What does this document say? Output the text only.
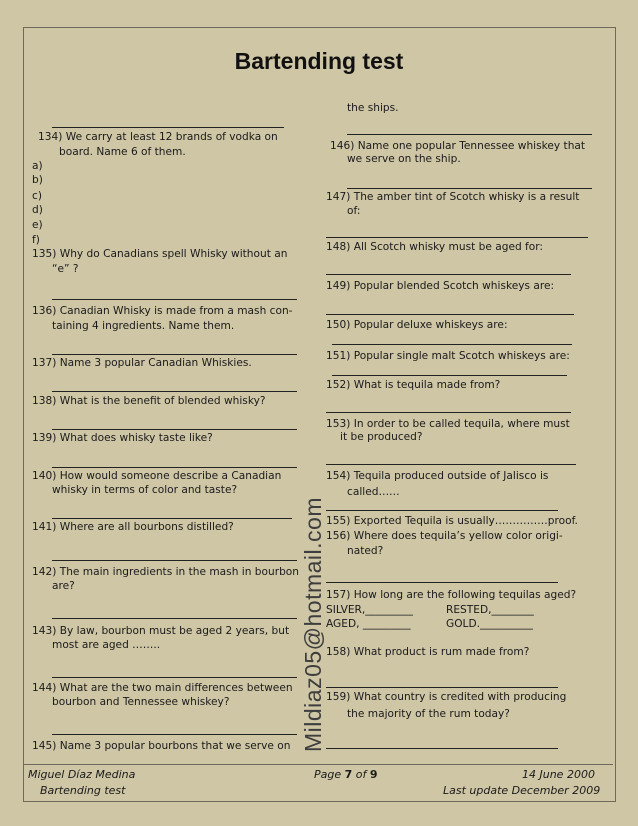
Bartending test
134) We carry at least 12 brands of vodka on
board. Name 6 of them.
a)
b)
c)
d)
e)
f)
135) Why do Canadians spell Whisky without an
“e” ?
136) Canadian Whisky is made from a mash con-
taining 4 ingredients. Name them.
137) Name 3 popular Canadian Whiskies.
138) What is the benefit of blended whisky?
139) What does whisky taste like?
140) How would someone describe a Canadian
whisky in terms of color and taste?
141) Where are all bourbons distilled?
142) The main ingredients in the mash in bourbon
are?
143) By law, bourbon must be aged 2 years, but
most are aged ……..
144) What are the two main differences between
bourbon and Tennessee whiskey?
145) Name 3 popular bourbons that we serve on Mildiaz05@hotmail.com
the ships.
146) Name one popular Tennessee whiskey that
we serve on the ship.
147) The amber tint of Scotch whisky is a result
of:
148) All Scotch whisky must be aged for:
149) Popular blended Scotch whiskeys are:
150) Popular deluxe whiskeys are:
151) Popular single malt Scotch whiskeys are:
152) What is tequila made from?
153) In order to be called tequila, where must
it be produced?
154) Tequila produced outside of Jalisco is
called……
155) Exported Tequila is usually……………proof.
156) Where does tequila’s yellow color origi-
nated?
157) How long are the following tequilas aged?
SILVER,_________	RESTED,________
AGED, _________	GOLD.__________
158) What product is rum made from?
159) What country is credited with producing
the majority of the rum today?
Miguel Díaz Medina	Page 7 of 9	14 June 2000
Bartending test	Last update December 2009
